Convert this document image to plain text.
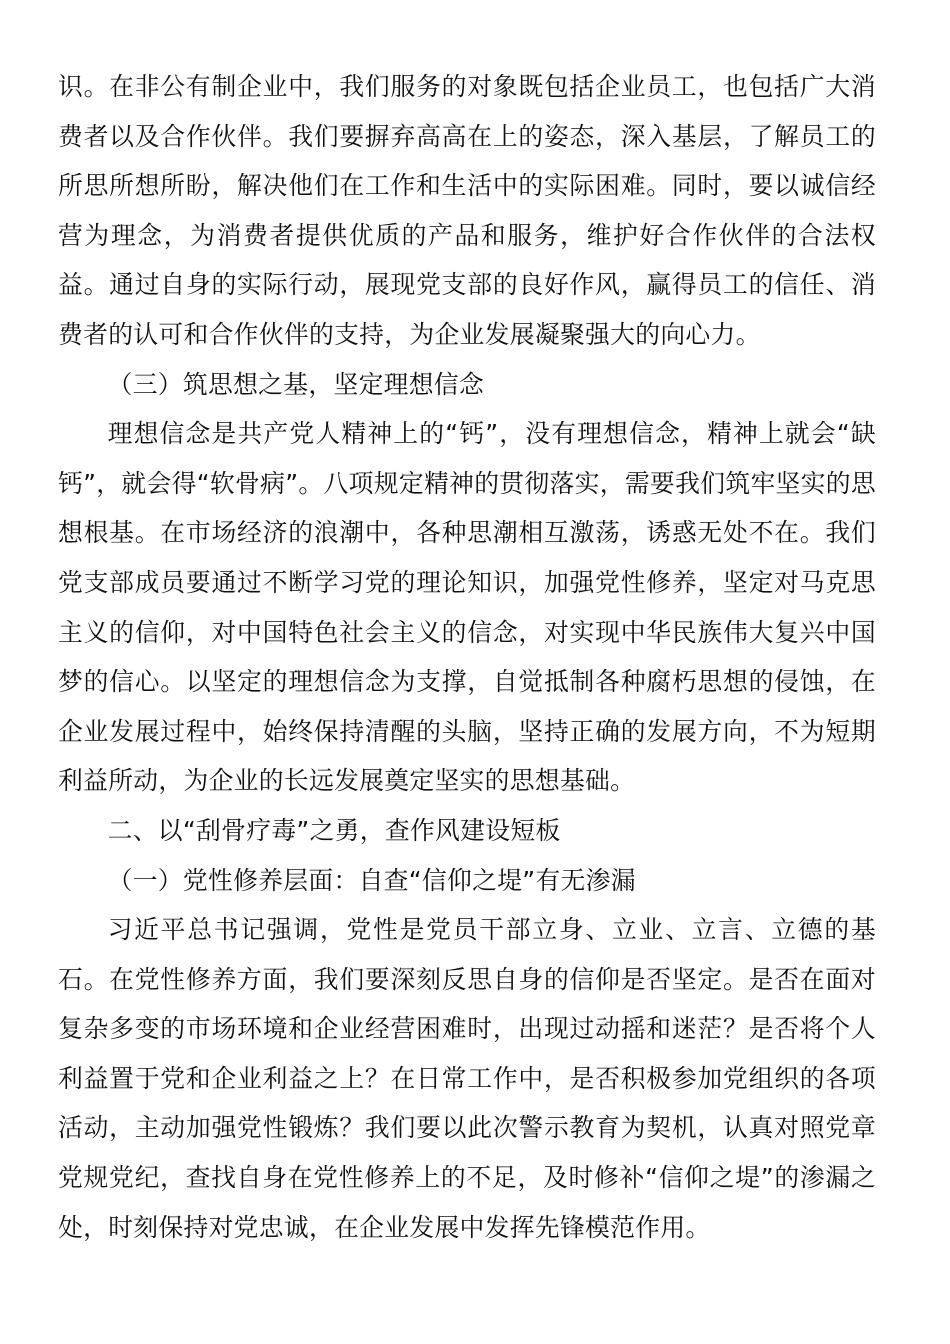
识。在非公有制企业中，我们服务的对象既包括企业员工，也包括广大消费者以及合作伙伴。我们要摒弃高高在上的姿态，深入基层，了解员工的所思所想所盼，解决他们在工作和生活中的实际困难。同时，要以诚信经营为理念，为消费者提供优质的产品和服务，维护好合作伙伴的合法权益。通过自身的实际行动，展现党支部的良好作风，赢得员工的信任、消费者的认可和合作伙伴的支持，为企业发展凝聚强大的向心力。

（三）筑思想之基，坚定理想信念

理想信念是共产党人精神上的“钙”，没有理想信念，精神上就会“缺钙”，就会得“软骨病”。八项规定精神的贯彻落实，需要我们筑牢坚实的思想根基。在市场经济的浪潮中，各种思潮相互激荡，诱惑无处不在。我们党支部成员要通过不断学习党的理论知识，加强党性修养，坚定对马克思主义的信仰，对中国特色社会主义的信念，对实现中华民族伟大复兴中国梦的信心。以坚定的理想信念为支撑，自觉抵制各种腐朽思想的侵蚀，在企业发展过程中，始终保持清醒的头脑，坚持正确的发展方向，不为短期利益所动，为企业的长远发展奠定坚实的思想基础。

二、以“刮骨疗毒”之勇，查作风建设短板

（一）党性修养层面：自查“信仰之堤”有无渗漏

习近平总书记强调，党性是党员干部立身、立业、立言、立德的基石。在党性修养方面，我们要深刻反思自身的信仰是否坚定。是否在面对复杂多变的市场环境和企业经营困难时，出现过动摇和迷茫？是否将个人利益置于党和企业利益之上？在日常工作中，是否积极参加党组织的各项活动，主动加强党性锻炼？我们要以此次警示教育为契机，认真对照党章党规党纪，查找自身在党性修养上的不足，及时修补“信仰之堤”的渗漏之处，时刻保持对党忠诚，在企业发展中发挥先锋模范作用。
